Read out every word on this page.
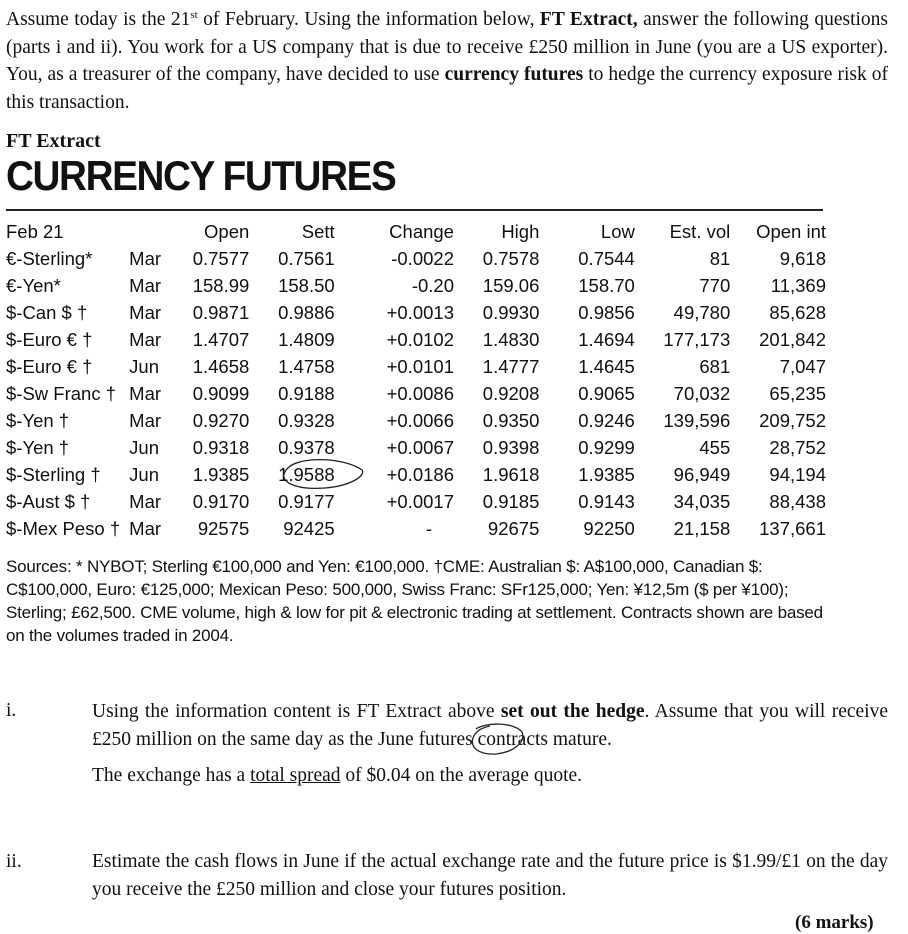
Assume today is the 21st of February. Using the information below, FT Extract, answer the following questions (parts i and ii). You work for a US company that is due to receive £250 million in June (you are a US exporter). You, as a treasurer of the company, have decided to use currency futures to hedge the currency exposure risk of this transaction.
FT Extract
CURRENCY FUTURES
Feb 21		Open	Sett	Change	High	Low	Est. vol	Open int
€-Sterling*	Mar	0.7577	0.7561	-0.0022	0.7578	0.7544	81	9,618
€-Yen*	Mar	158.99	158.50	-0.20	159.06	158.70	770	11,369
$-Can $ †	Mar	0.9871	0.9886	+0.0013	0.9930	0.9856	49,780	85,628
$-Euro € †	Mar	1.4707	1.4809	+0.0102	1.4830	1.4694	177,173	201,842
$-Euro € †	Jun	1.4658	1.4758	+0.0101	1.4777	1.4645	681	7,047
$-Sw Franc †	Mar	0.9099	0.9188	+0.0086	0.9208	0.9065	70,032	65,235
$-Yen †	Mar	0.9270	0.9328	+0.0066	0.9350	0.9246	139,596	209,752
$-Yen †	Jun	0.9318	0.9378	+0.0067	0.9398	0.9299	455	28,752
$-Sterling †	Jun	1.9385	1.9588	+0.0186	1.9618	1.9385	96,949	94,194
$-Aust $ †	Mar	0.9170	0.9177	+0.0017	0.9185	0.9143	34,035	88,438
$-Mex Peso †	Mar	92575	92425	-	92675	92250	21,158	137,661
Sources: * NYBOT; Sterling €100,000 and Yen: €100,000. †CME: Australian $: A$100,000, Canadian $: C$100,000, Euro: €125,000; Mexican Peso: 500,000, Swiss Franc: SFr125,000; Yen: ¥12,5m ($ per ¥100); Sterling; £62,500. CME volume, high & low for pit & electronic trading at settlement. Contracts shown are based on the volumes traded in 2004.
i.	Using the information content is FT Extract above set out the hedge. Assume that you will receive £250 million on the same day as the June futures contracts mature.
The exchange has a total spread of $0.04 on the average quote.
ii.	Estimate the cash flows in June if the actual exchange rate and the future price is $1.99/£1 on the day you receive the £250 million and close your futures position.
(6 marks)
